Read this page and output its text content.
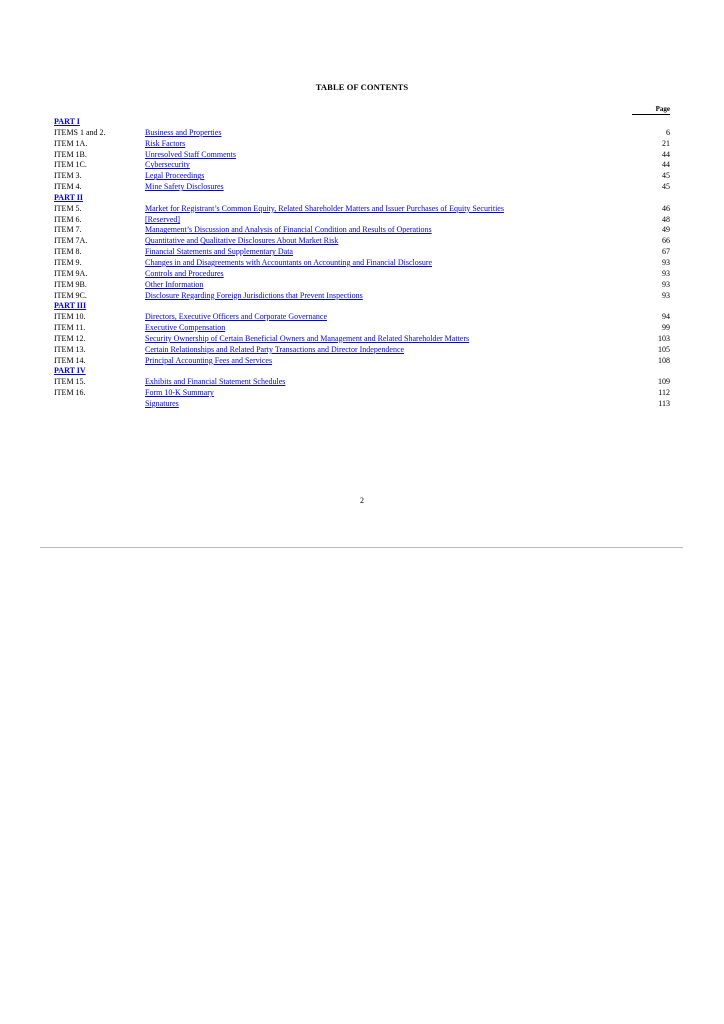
TABLE OF CONTENTS
Page
PART I
ITEMS 1 and 2.	Business and Properties	6
ITEM 1A.	Risk Factors	21
ITEM 1B.	Unresolved Staff Comments	44
ITEM 1C.	Cybersecurity	44
ITEM 3.	Legal Proceedings	45
ITEM 4.	Mine Safety Disclosures	45
PART II
ITEM 5.	Market for Registrant’s Common Equity, Related Shareholder Matters and Issuer Purchases of Equity Securities	46
ITEM 6.	[Reserved]	48
ITEM 7.	Management’s Discussion and Analysis of Financial Condition and Results of Operations	49
ITEM 7A.	Quantitative and Qualitative Disclosures About Market Risk	66
ITEM 8.	Financial Statements and Supplementary Data	67
ITEM 9.	Changes in and Disagreements with Accountants on Accounting and Financial Disclosure	93
ITEM 9A.	Controls and Procedures	93
ITEM 9B.	Other Information	93
ITEM 9C.	Disclosure Regarding Foreign Jurisdictions that Prevent Inspections	93
PART III
ITEM 10.	Directors, Executive Officers and Corporate Governance	94
ITEM 11.	Executive Compensation	99
ITEM 12.	Security Ownership of Certain Beneficial Owners and Management and Related Shareholder Matters	103
ITEM 13.	Certain Relationships and Related Party Transactions and Director Independence	105
ITEM 14.	Principal Accounting Fees and Services	108
PART IV
ITEM 15.	Exhibits and Financial Statement Schedules	109
ITEM 16.	Form 10-K Summary	112
Signatures	113
2
